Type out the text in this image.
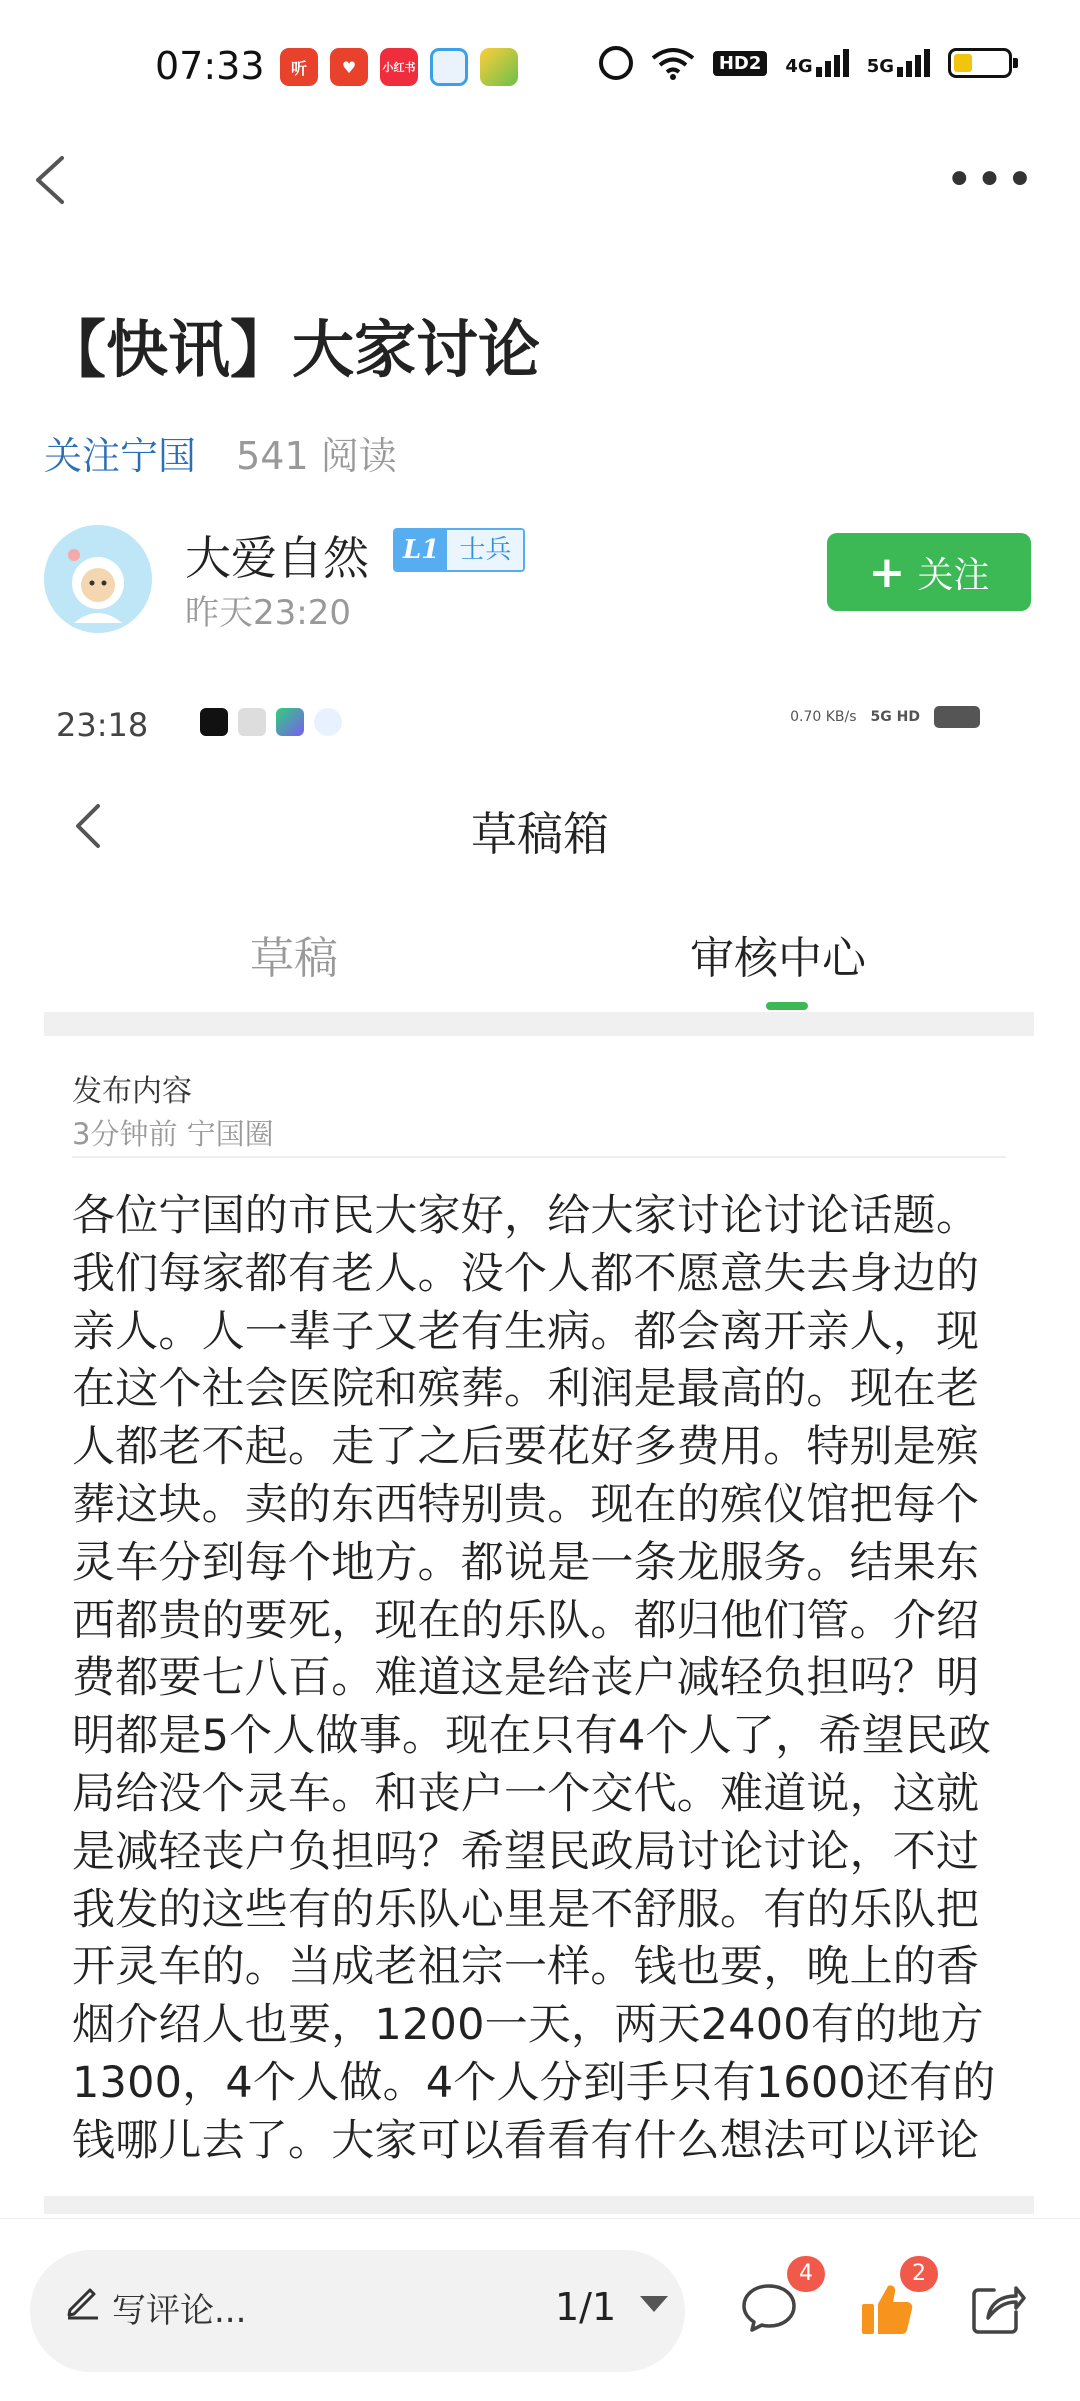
07:33	听	♥	小红书	HD2	4G	5G
•••
【快讯】大家讨论
关注宁国 541 阅读
大爱自然	L1 士兵
昨天23:20
+ 关注
23:18	0.70 KB/s 5G HD
草稿箱
草稿	审核中心
发布内容
3分钟前 宁国圈

各位宁国的市民大家好，给大家讨论讨论话题。我们每家都有老人。没个人都不愿意失去身边的亲人。人一辈子又老有生病。都会离开亲人，现在这个社会医院和殡葬。利润是最高的。现在老人都老不起。走了之后要花好多费用。特别是殡葬这块。卖的东西特别贵。现在的殡仪馆把每个灵车分到每个地方。都说是一条龙服务。结果东西都贵的要死，现在的乐队。都归他们管。介绍费都要七八百。难道这是给丧户减轻负担吗？明明都是5个人做事。现在只有4个人了，希望民政局给没个灵车。和丧户一个交代。难道说，这就是减轻丧户负担吗？希望民政局讨论讨论，不过我发的这些有的乐队心里是不舒服。有的乐队把开灵车的。当成老祖宗一样。钱也要，晚上的香烟介绍人也要，1200一天，两天2400有的地方1300，4个人做。4个人分到手只有1600还有的钱哪儿去了。大家可以看看有什么想法可以评论

写评论...	1/1
4	2
